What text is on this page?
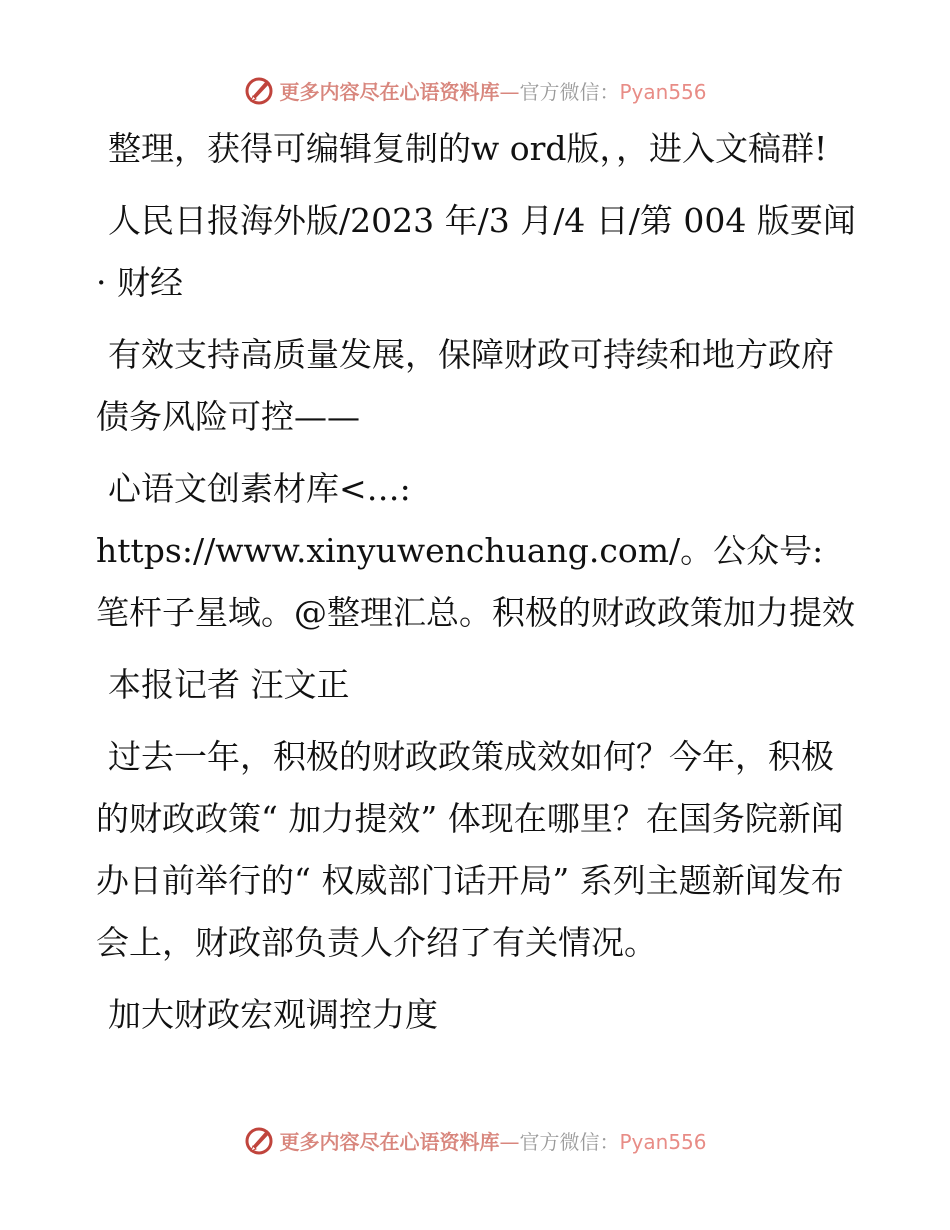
更多内容尽在心语资料库—官方微信：Pyan556

整理，获得可编辑复制的w ord版，，进入文稿群!

人民日报海外版/2023 年/3 月/4 日/第 004 版要闻· 财经

有效支持高质量发展，保障财政可持续和地方政府债务风险可控——

心语文创素材库<…: https://www.xinyuwenchuang.com/。公众号: 笔杆子星域。@整理汇总。积极的财政政策加力提效

本报记者 汪文正

过去一年，积极的财政政策成效如何？今年，积极的财政政策“ 加力提效” 体现在哪里？在国务院新闻办日前举行的“ 权威部门话开局” 系列主题新闻发布会上，财政部负责人介绍了有关情况。

加大财政宏观调控力度

更多内容尽在心语资料库—官方微信：Pyan556
